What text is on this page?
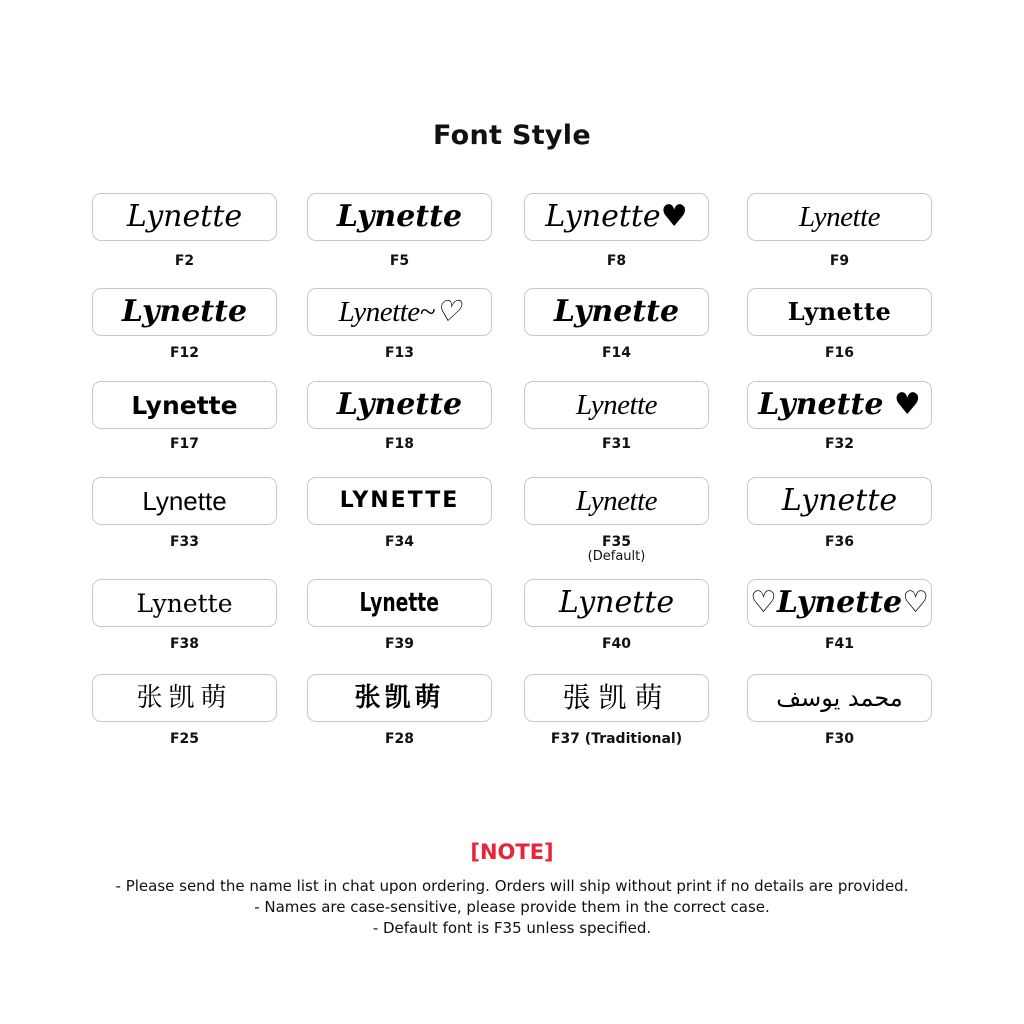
Font Style
Lynette
F2
Lynette
F5
Lynette♥
F8
Lynette
F9
Lynette
F12
Lynette~♡
F13
Lynette
F14
Lynette
F16
Lynette
F17
Lynette
F18
Lynette
F31
Lynette ♥
F32
Lynette
F33
LYNETTE
F34
Lynette
F35
(Default)
Lynette
F36
Lynette
F38
Lynette
F39
Lynette
F40
♡Lynette♡
F41
张凯萌
F25
张凯萌
F28
張凯萌
F37 (Traditional)
محمد يوسف
F30
[NOTE]
- Please send the name list in chat upon ordering. Orders will ship without print if no details are provided.
- Names are case-sensitive, please provide them in the correct case.
- Default font is F35 unless specified.
